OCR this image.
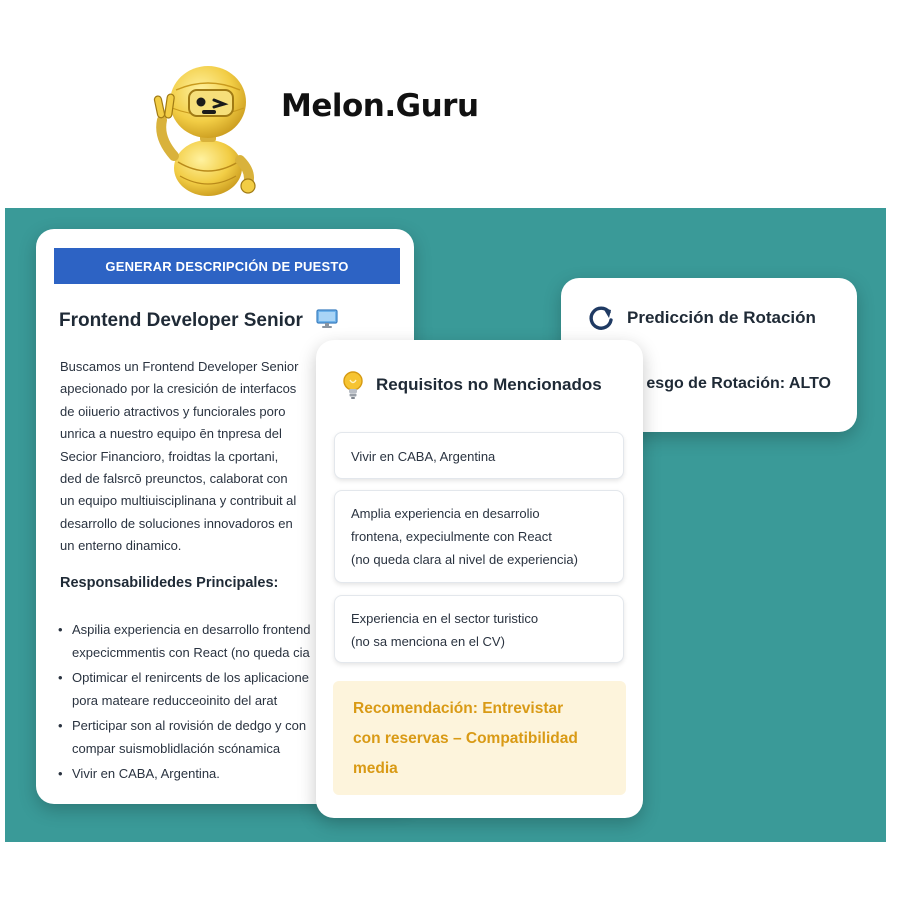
Melon.Guru
GENERAR DESCRIPCIÓN DE PUESTO
Frontend Developer Senior
Buscamos un Frontend Developer Senior
apecionado por la cresición de interfacos
de oiiuerio atractivos y funciorales poro
unrica a nuestro equipo ēn tnpresa del
Secior Financioro, froidtas la cportani,
ded de falsrcō preunctos, calaborat con
un equipo multiuisciplinana y contribuit al
desarrollo de soluciones innovadoros en
un enterno dinamico.
Responsabilidedes Principales:
• Aspilia experiencia en desarrollo frontend
expecicmmentis con React (no queda cia
• Optimicar el renircents de los aplicacione
pora mateare reducceoinito del arat
• Perticipar son al rovisión de dedgo y con
compar suismoblidlación scónamica
• Vivir en CABA, Argentina.
Predicción de Rotación
esgo de Rotación: ALTO
Requisitos no Mencionados
Vivir en CABA, Argentina
Amplia experiencia en desarrolio
frontena, expeciulmente con React
(no queda clara al nivel de experiencia)
Experiencia en el sector turistico
(no sa menciona en el CV)
Recomendación: Entrevistar
con reservas – Compatibilidad
media
